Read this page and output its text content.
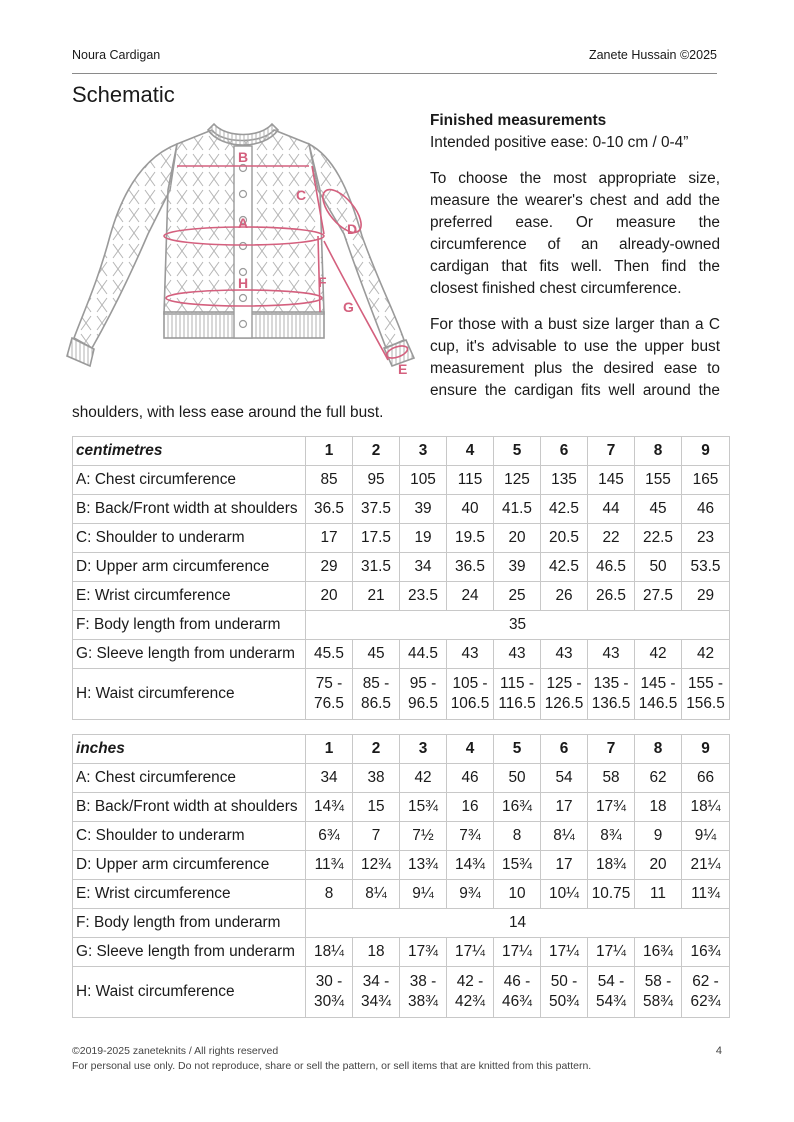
Noura Cardigan	Zanete Hussain ©2025
Schematic
B
C
A	D
F
H
G
E
Finished measurements
Intended positive ease: 0-10 cm / 0-4”

To choose the most appropriate size, measure the wearer's chest and add the preferred ease. Or measure the circumference of an already-owned cardigan that fits well. Then find the closest finished chest circumference.

For those with a bust size larger than a C cup, it's advisable to use the upper bust measurement plus the desired ease to ensure the cardigan fits well around the shoulders, with less ease around the full bust.

centimetres	1	2	3	4	5	6	7	8	9
A: Chest circumference	85	95	105	115	125	135	145	155	165
B: Back/Front width at shoulders	36.5	37.5	39	40	41.5	42.5	44	45	46
C: Shoulder to underarm	17	17.5	19	19.5	20	20.5	22	22.5	23
D: Upper arm circumference	29	31.5	34	36.5	39	42.5	46.5	50	53.5
E: Wrist circumference	20	21	23.5	24	25	26	26.5	27.5	29
F: Body length from underarm	35								
G: Sleeve length from underarm	45.5	45	44.5	43	43	43	43	42	42
H: Waist circumference	75 - 76.5	85 - 86.5	95 - 96.5	105 - 106.5	115 - 116.5	125 - 126.5	135 - 136.5	145 - 146.5	155 - 156.5
inches	1	2	3	4	5	6	7	8	9
A: Chest circumference	34	38	42	46	50	54	58	62	66
B: Back/Front width at shoulders	14¾	15	15¾	16	16¾	17	17¾	18	18¼
C: Shoulder to underarm	6¾	7	7½	7¾	8	8¼	8¾	9	9¼
D: Upper arm circumference	11¾	12¾	13¾	14¾	15¾	17	18¾	20	21¼
E: Wrist circumference	8	8¼	9¼	9¾	10	10¼	10.75	11	11¾
F: Body length from underarm	14								
G: Sleeve length from underarm	18¼	18	17¾	17¼	17¼	17¼	17¼	16¾	16¾
H: Waist circumference	30 - 30¾	34 - 34¾	38 - 38¾	42 - 42¾	46 - 46¾	50 - 50¾	54 - 54¾	58 - 58¾	62 - 62¾
©2019-2025 zaneteknits / All rights reserved
For personal use only. Do not reproduce, share or sell the pattern, or sell items that are knitted from this pattern.
4
